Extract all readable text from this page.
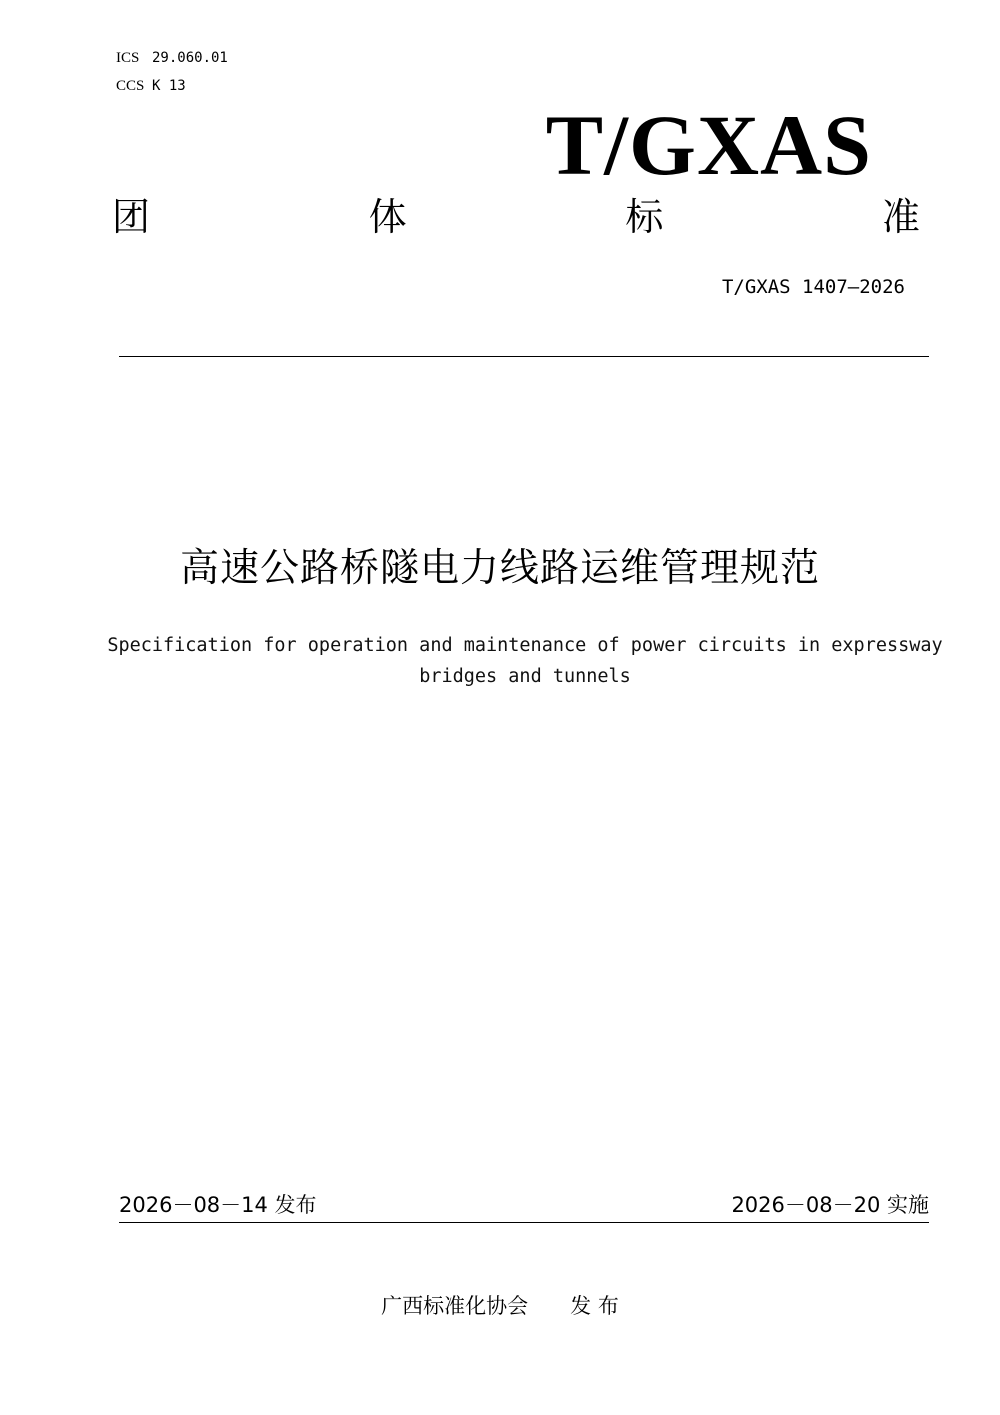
ICS 29.060.01
CCS K 13
T/GXAS
团	体	标	准
T/GXAS 1407—2026
高速公路桥隧电力线路运维管理规范
Specification for operation and maintenance of power circuits in expressway bridges and tunnels
2026－08－14 发布	2026－08－20 实施
广西标准化协会　　发 布
